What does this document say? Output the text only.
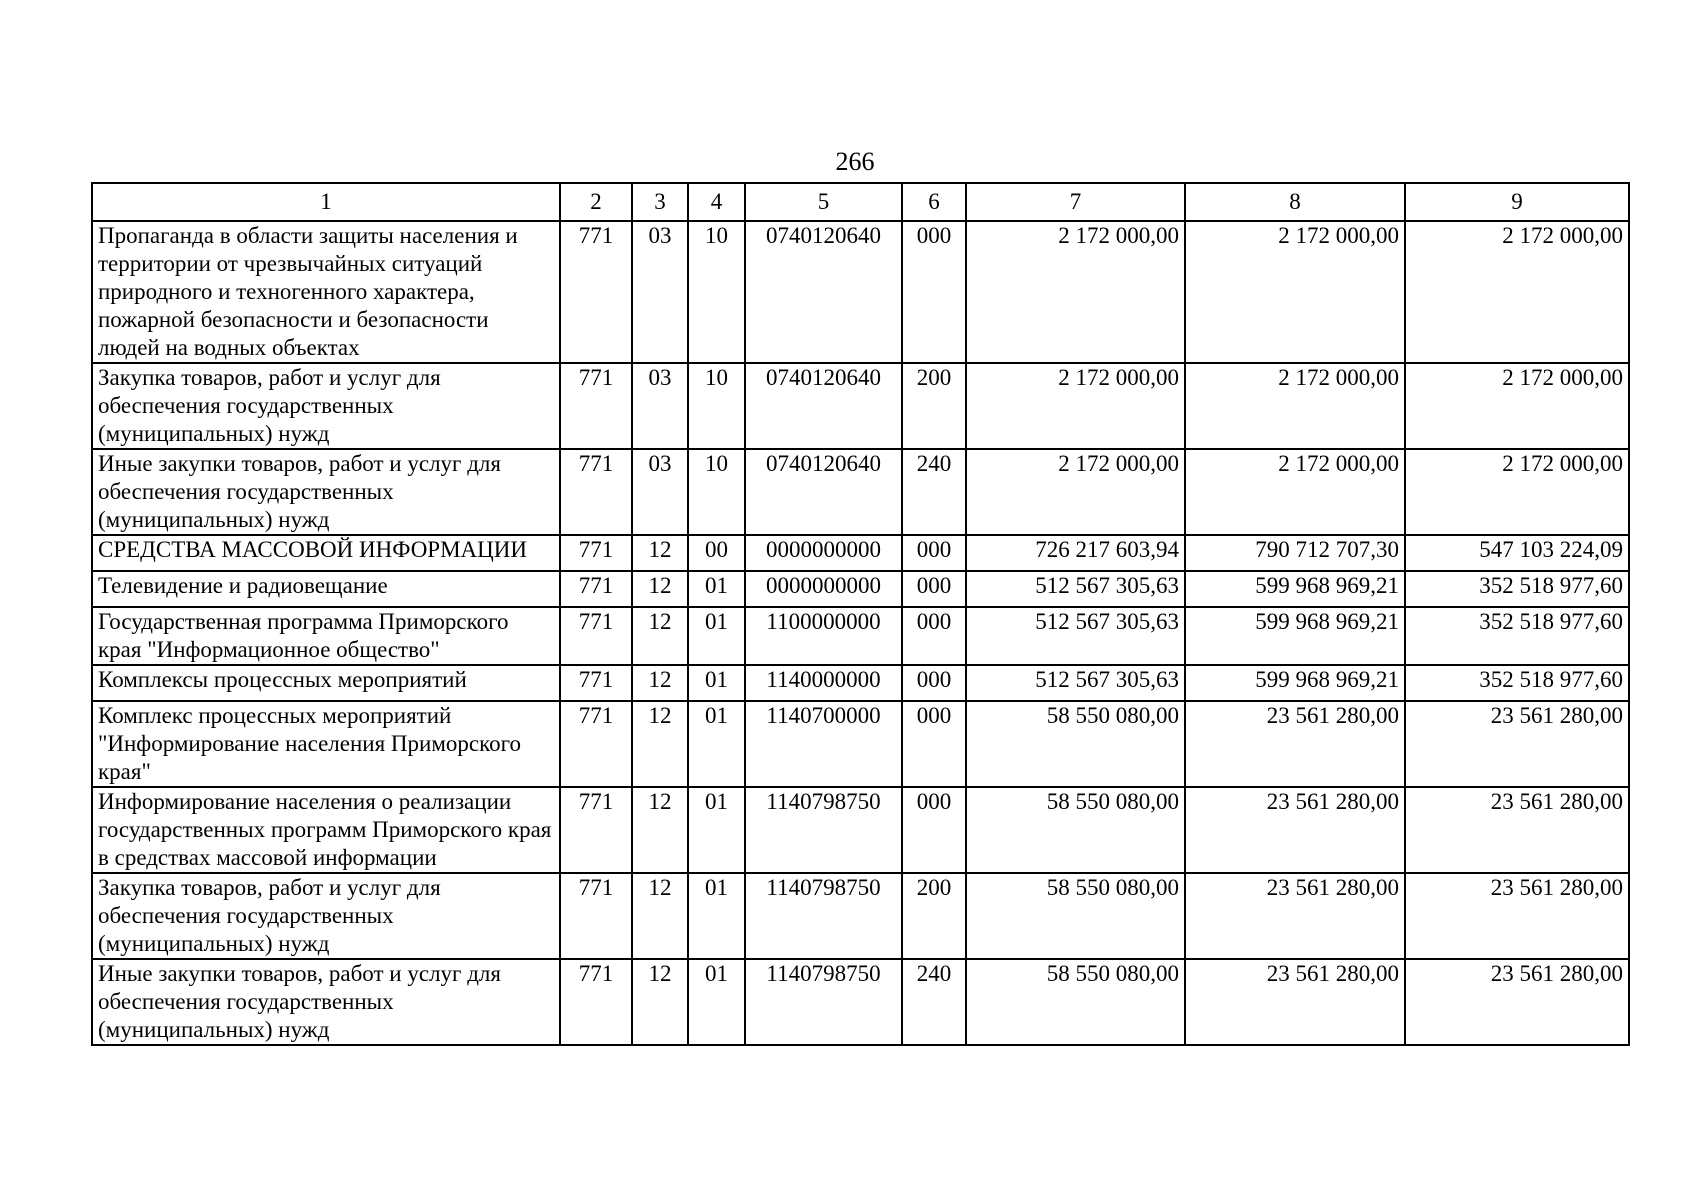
266
1	2	3	4	5	6	7	8	9
Пропаганда в области защиты населения и территории от чрезвычайных ситуаций природного и техногенного характера, пожарной безопасности и безопасности людей на водных объектах	771	03	10	0740120640	000	2 172 000,00	2 172 000,00	2 172 000,00
Закупка товаров, работ и услуг для обеспечения государственных (муниципальных) нужд	771	03	10	0740120640	200	2 172 000,00	2 172 000,00	2 172 000,00
Иные закупки товаров, работ и услуг для обеспечения государственных (муниципальных) нужд	771	03	10	0740120640	240	2 172 000,00	2 172 000,00	2 172 000,00
СРЕДСТВА МАССОВОЙ ИНФОРМАЦИИ	771	12	00	0000000000	000	726 217 603,94	790 712 707,30	547 103 224,09
Телевидение и радиовещание	771	12	01	0000000000	000	512 567 305,63	599 968 969,21	352 518 977,60
Государственная программа Приморского края "Информационное общество"	771	12	01	1100000000	000	512 567 305,63	599 968 969,21	352 518 977,60
Комплексы процессных мероприятий	771	12	01	1140000000	000	512 567 305,63	599 968 969,21	352 518 977,60
Комплекс процессных мероприятий "Информирование населения Приморского края"	771	12	01	1140700000	000	58 550 080,00	23 561 280,00	23 561 280,00
Информирование населения о реализации государственных программ Приморского края в средствах массовой информации	771	12	01	1140798750	000	58 550 080,00	23 561 280,00	23 561 280,00
Закупка товаров, работ и услуг для обеспечения государственных (муниципальных) нужд	771	12	01	1140798750	200	58 550 080,00	23 561 280,00	23 561 280,00
Иные закупки товаров, работ и услуг для обеспечения государственных (муниципальных) нужд	771	12	01	1140798750	240	58 550 080,00	23 561 280,00	23 561 280,00
